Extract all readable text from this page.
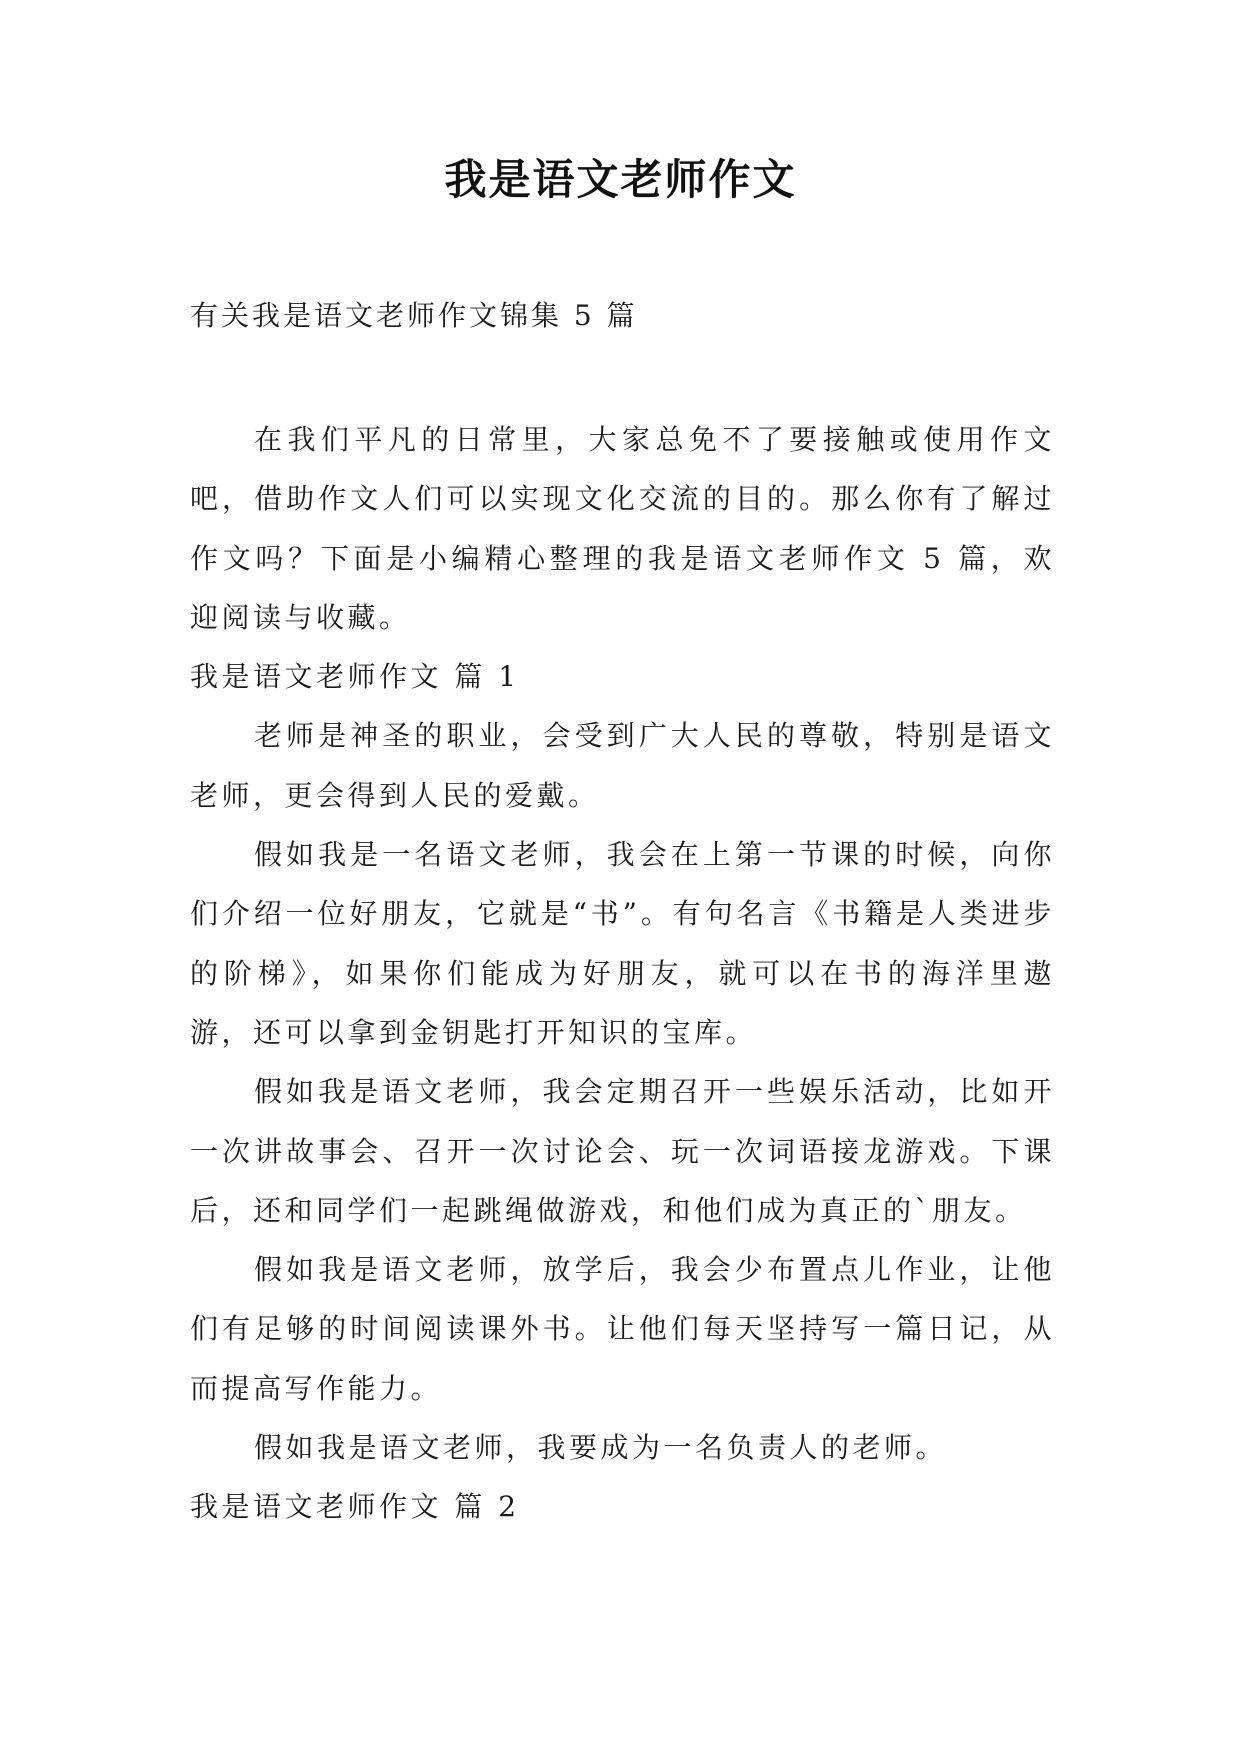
我是语文老师作文
有关我是语文老师作文锦集 5 篇

在我们平凡的日常里，大家总免不了要接触或使用作文吧，借助作文人们可以实现文化交流的目的。那么你有了解过作文吗？下面是小编精心整理的我是语文老师作文 5 篇，欢迎阅读与收藏。

我是语文老师作文 篇 1

老师是神圣的职业，会受到广大人民的尊敬，特别是语文老师，更会得到人民的爱戴。

假如我是一名语文老师，我会在上第一节课的时候，向你们介绍一位好朋友，它就是“书”。有句名言《书籍是人类进步的阶梯》，如果你们能成为好朋友，就可以在书的海洋里遨游，还可以拿到金钥匙打开知识的宝库。

假如我是语文老师，我会定期召开一些娱乐活动，比如开一次讲故事会、召开一次讨论会、玩一次词语接龙游戏。下课后，还和同学们一起跳绳做游戏，和他们成为真正的`朋友。

假如我是语文老师，放学后，我会少布置点儿作业，让他们有足够的时间阅读课外书。让他们每天坚持写一篇日记，从而提高写作能力。

假如我是语文老师，我要成为一名负责人的老师。

我是语文老师作文 篇 2
